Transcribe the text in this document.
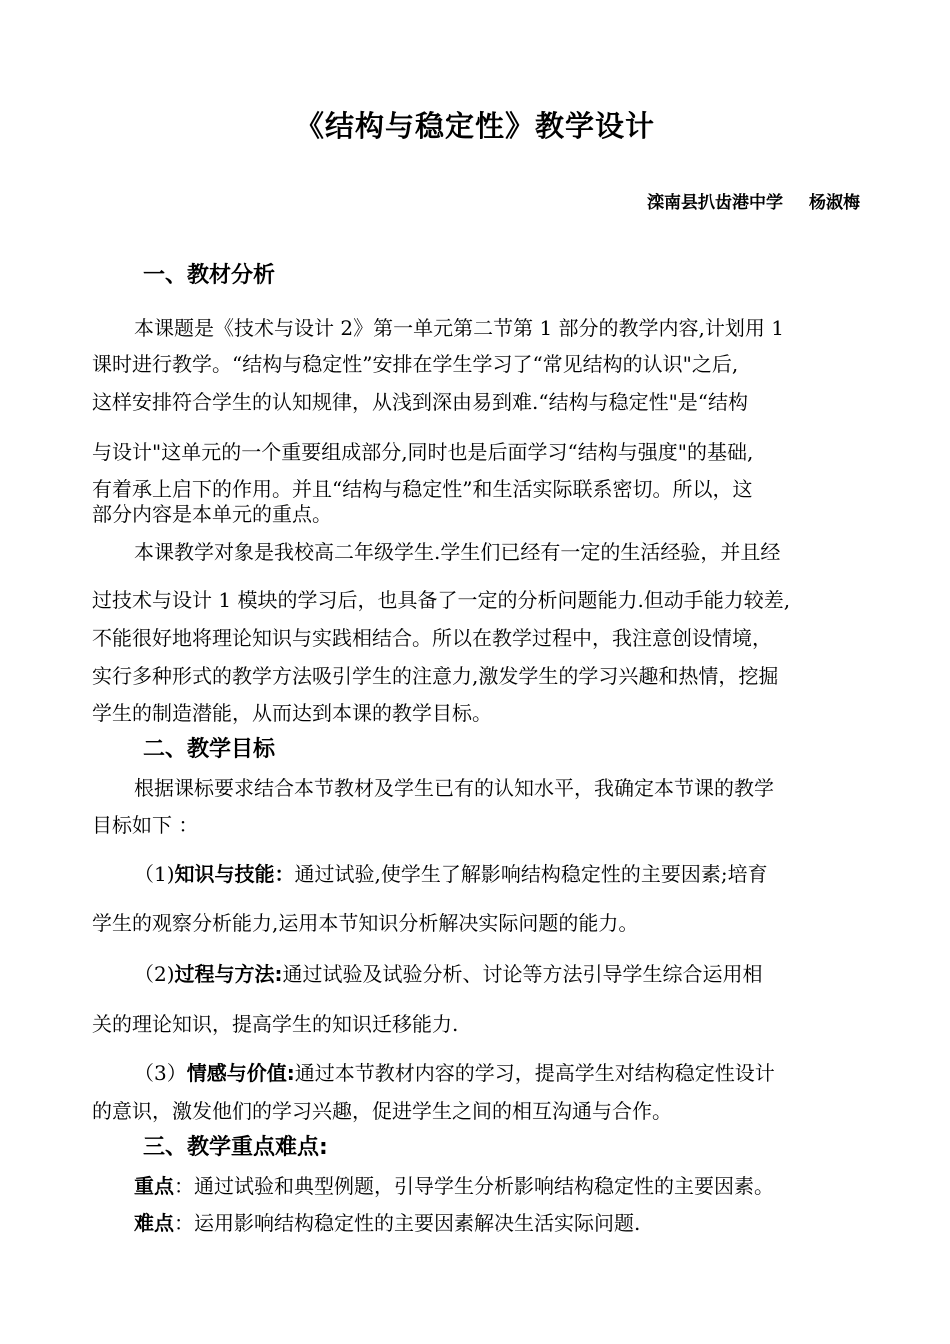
《结构与稳定性》教学设计
滦南县扒齿港中学 杨淑梅
一、教材分析
本课题是《技术与设计 2》第一单元第二节第 1 部分的教学内容,计划用 1
课时进行教学。“结构与稳定性”安排在学生学习了“常见结构的认识"之后,
这样安排符合学生的认知规律，从浅到深由易到难.“结构与稳定性"是“结构
与设计"这单元的一个重要组成部分,同时也是后面学习“结构与强度"的基础,
有着承上启下的作用。并且“结构与稳定性”和生活实际联系密切。所以，这
部分内容是本单元的重点。
本课教学对象是我校高二年级学生.学生们已经有一定的生活经验，并且经
过技术与设计 1 模块的学习后，也具备了一定的分析问题能力.但动手能力较差,
不能很好地将理论知识与实践相结合。所以在教学过程中，我注意创设情境，
实行多种形式的教学方法吸引学生的注意力,激发学生的学习兴趣和热情，挖掘
学生的制造潜能，从而达到本课的教学目标。
二、教学目标
根据课标要求结合本节教材及学生已有的认知水平，我确定本节课的教学
目标如下 ：
（1)知识与技能：通过试验,使学生了解影响结构稳定性的主要因素;培育
学生的观察分析能力,运用本节知识分析解决实际问题的能力。
（2)过程与方法:通过试验及试验分析、讨论等方法引导学生综合运用相
关的理论知识，提高学生的知识迁移能力.
（3）情感与价值:通过本节教材内容的学习，提高学生对结构稳定性设计
的意识，激发他们的学习兴趣，促进学生之间的相互沟通与合作。
三、教学重点难点:
重点：通过试验和典型例题，引导学生分析影响结构稳定性的主要因素。
难点：运用影响结构稳定性的主要因素解决生活实际问题.
